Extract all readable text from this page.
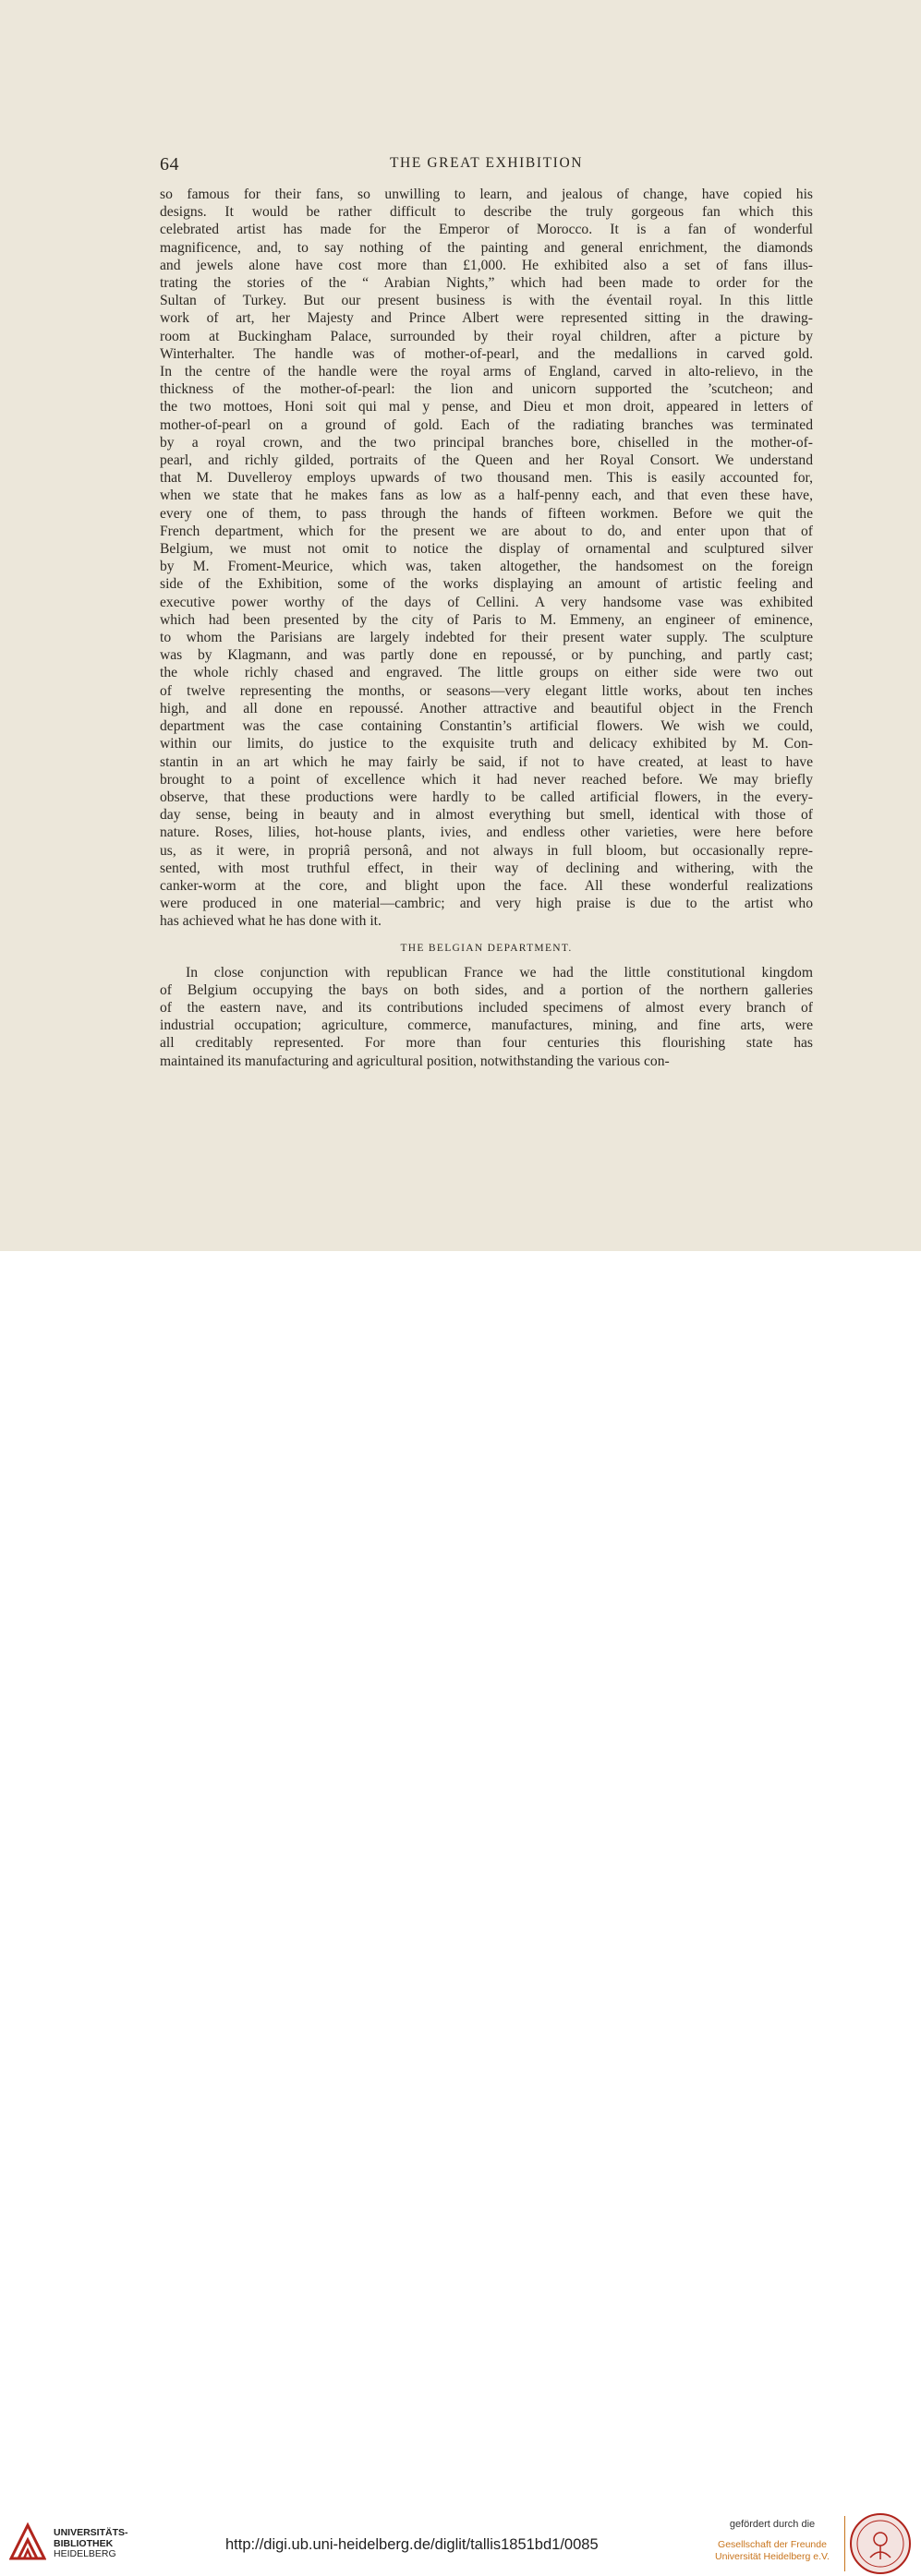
64	THE GREAT EXHIBITION
so famous for their fans, so unwilling to learn, and jealous of change, have copied his
designs. It would be rather difficult to describe the truly gorgeous fan which this
celebrated artist has made for the Emperor of Morocco. It is a fan of wonderful
magnificence, and, to say nothing of the painting and general enrichment, the diamonds
and jewels alone have cost more than £1,000. He exhibited also a set of fans illus-
trating the stories of the “ Arabian Nights,” which had been made to order for the
Sultan of Turkey. But our present business is with the éventail royal. In this little
work of art, her Majesty and Prince Albert were represented sitting in the drawing-
room at Buckingham Palace, surrounded by their royal children, after a picture by
Winterhalter. The handle was of mother-of-pearl, and the medallions in carved gold.
In the centre of the handle were the royal arms of England, carved in alto-relievo, in the
thickness of the mother-of-pearl: the lion and unicorn supported the ’scutcheon; and
the two mottoes, Honi soit qui mal y pense, and Dieu et mon droit, appeared in letters of
mother-of-pearl on a ground of gold. Each of the radiating branches was terminated
by a royal crown, and the two principal branches bore, chiselled in the mother-of-
pearl, and richly gilded, portraits of the Queen and her Royal Consort. We understand
that M. Duvelleroy employs upwards of two thousand men. This is easily accounted for,
when we state that he makes fans as low as a half-penny each, and that even these have,
every one of them, to pass through the hands of fifteen workmen. Before we quit the
French department, which for the present we are about to do, and enter upon that of
Belgium, we must not omit to notice the display of ornamental and sculptured silver
by M. Froment-Meurice, which was, taken altogether, the handsomest on the foreign
side of the Exhibition, some of the works displaying an amount of artistic feeling and
executive power worthy of the days of Cellini. A very handsome vase was exhibited
which had been presented by the city of Paris to M. Emmeny, an engineer of eminence,
to whom the Parisians are largely indebted for their present water supply. The sculpture
was by Klagmann, and was partly done en repoussé, or by punching, and partly cast;
the whole richly chased and engraved. The little groups on either side were two out
of twelve representing the months, or seasons—very elegant little works, about ten inches
high, and all done en repoussé. Another attractive and beautiful object in the French
department was the case containing Constantin’s artificial flowers. We wish we could,
within our limits, do justice to the exquisite truth and delicacy exhibited by M. Con-
stantin in an art which he may fairly be said, if not to have created, at least to have
brought to a point of excellence which it had never reached before. We may briefly
observe, that these productions were hardly to be called artificial flowers, in the every-
day sense, being in beauty and in almost everything but smell, identical with those of
nature. Roses, lilies, hot-house plants, ivies, and endless other varieties, were here before
us, as it were, in propriâ personâ, and not always in full bloom, but occasionally repre-
sented, with most truthful effect, in their way of declining and withering, with the
canker-worm at the core, and blight upon the face. All these wonderful realizations
were produced in one material—cambric; and very high praise is due to the artist who
has achieved what he has done with it.
THE BELGIAN DEPARTMENT.
In close conjunction with republican France we had the little constitutional kingdom
of Belgium occupying the bays on both sides, and a portion of the northern galleries
of the eastern nave, and its contributions included specimens of almost every branch of
industrial occupation; agriculture, commerce, manufactures, mining, and fine arts, were
all creditably represented. For more than four centuries this flourishing state has
maintained its manufacturing and agricultural position, notwithstanding the various con-
UNIVERSITÄTS-
BIBLIOTHEK
HEIDELBERG
http://digi.ub.uni-heidelberg.de/diglit/tallis1851bd1/0085
gefördert durch die
Gesellschaft der Freunde
Universität Heidelberg e.V.
